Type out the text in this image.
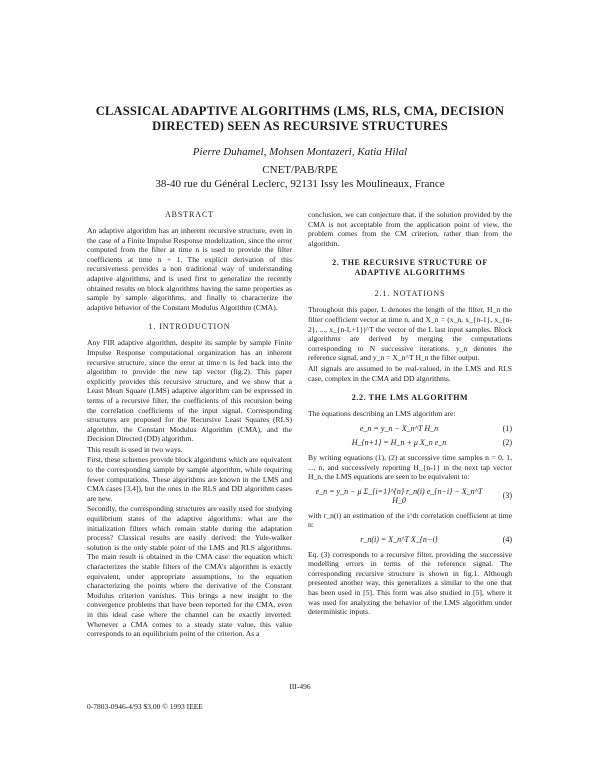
CLASSICAL ADAPTIVE ALGORITHMS (LMS, RLS, CMA, DECISION DIRECTED) SEEN AS RECURSIVE STRUCTURES
Pierre Duhamel, Mohsen Montazeri, Katia Hilal
CNET/PAB/RPE
38-40 rue du Général Leclerc, 92131 Issy les Moulineaux, France
ABSTRACT

An adaptive algorithm has an inherent recursive structure, even in the case of a Finite Impulse Response modelization, since the error computed from the filter at time n is used to provide the filter coefficients at time n + 1. The explicit derivation of this recursiveness provides a non traditional way of understanding adaptive algorithms, and is used first to generalize the recently obtained results on block algorithms having the same properties as sample by sample algorithms, and finally to characterize the adaptive behavior of the Constant Modulus Algorithm (CMA).

1. INTRODUCTION

Any FIR adaptive algorithm, despite its sample by sample Finite Impulse Response computational organization has an inherent recursive structure, since the error at time n is fed back into the algorithm to provide the new tap vector (fig.2). This paper explicitly provides this recursive structure, and we show that a Least Mean Square (LMS) adaptive algorithm can be expressed in terms of a recursive filter, the coefficients of this recursion being the correlation coefficients of the input signal. Corresponding structures are proposed for the Recursive Least Squares (RLS) algorithm, the Constant Modulus Algorithm (CMA), and the Decision Directed (DD) algorithm.

This result is used in two ways.

First, these schemes provide block algorithms which are equivalent to the corresponding sample by sample algorithm, while requiring fewer computations. These algorithms are known in the LMS and CMA cases [3,4]), but the ones in the RLS and DD algorithm cases are new.

Secondly, the corresponding structures are easily used for studying equilibrium states of the adaptive algorithms: what are the initialization filters which remain stable during the adaptation process? Classical results are easily derived: the Yule-walker solution is the only stable point of the LMS and RLS algorithms. The main result is obtained in the CMA case: the equation which characterizes the stable filters of the CMA's algorithm is exactly equivalent, under appropriate assumptions, to the equation characterizing the points where the derivative of the Constant Modulus criterion vanishes. This brings a new insight to the convergence problems that have been reported for the CMA, even in this ideal case where the channel can be exactly inverted: Whenever a CMA comes to a steady state value, this value corresponds to an equilibrium point of the criterion. As a

conclusion, we can conjecture that, if the solution provided by the CMA is not acceptable from the application point of view, the problem comes from the CM criterion, rather than from the algorithm.

2. THE RECURSIVE STRUCTURE OF ADAPTIVE ALGORITHMS
2.1. NOTATIONS

Throughout this paper, L denotes the length of the filter, H_n the filter coefficient vector at time n, and X_n = (x_n, x_{n-1}, x_{n-2}, ..., x_{n-L+1})^T the vector of the L last input samples. Block algorithms are derived by merging the computations corresponding to N successive iterations. y_n denotes the reference signal, and y_n = X_n^T H_n the filter output.

All signals are assumed to be real-valued, in the LMS and RLS case, complex in the CMA and DD algorithms.

2.2. THE LMS ALGORITHM

The equations describing an LMS algorithm are:

e_n = y_n − X_n^T H_n	(1)
H_{n+1} = H_n + μ X_n e_n	(2)

By writing equations (1), (2) at successive time samples n = 0, 1, ..., n, and successively reporting H_{n-1} in the next tap vector H_n, the LMS equations are seen to be equivalent to:

e_n = y_n − μ Σ_{i=1}^{n} r_n(i) e_{n−i} − X_n^T H_0
(3)

with r_n(i) an estimation of the i^th correlation coefficient at time n:

r_n(i) = X_n^T X_{n−i}	(4)

Eq. (3) corresponds to a recursive filter, providing the successive modelling errors in terms of the reference signal. The corresponding recursive structure is shown in fig.1. Although presented another way, this generalizes a similar to the one that has been used in [5]. This form was also studied in [5], where it was used for analyzing the behavior of the LMS algorithm under deterministic inputs.

III-496
0-7803-0946-4/93 $3.00 © 1993 IEEE
